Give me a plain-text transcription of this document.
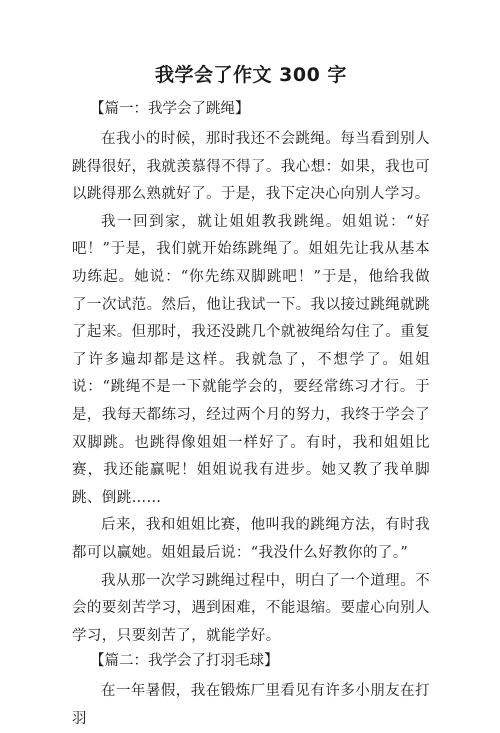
我学会了作文 300 字
【篇一：我学会了跳绳】

在我小的时候，那时我还不会跳绳。每当看到别人跳得很好，我就羡慕得不得了。我心想：如果，我也可以跳得那么熟就好了。于是，我下定决心向别人学习。

我一回到家，就让姐姐教我跳绳。姐姐说：“好吧！”于是，我们就开始练跳绳了。姐姐先让我从基本功练起。她说：“你先练双脚跳吧！”于是，他给我做了一次试范。然后，他让我试一下。我以接过跳绳就跳了起来。但那时，我还没跳几个就被绳给勾住了。重复了许多遍却都是这样。我就急了，不想学了。姐姐说：“跳绳不是一下就能学会的，要经常练习才行。于是，我每天都练习，经过两个月的努力，我终于学会了双脚跳。也跳得像姐姐一样好了。有时，我和姐姐比赛，我还能赢呢！姐姐说我有进步。她又教了我单脚跳、倒跳……

后来，我和姐姐比赛，他叫我的跳绳方法，有时我都可以赢她。姐姐最后说：“我没什么好教你的了。”

我从那一次学习跳绳过程中，明白了一个道理。不会的要刻苦学习，遇到困难，不能退缩。要虚心向别人学习，只要刻苦了，就能学好。

【篇二：我学会了打羽毛球】

在一年暑假，我在锻炼厂里看见有许多小朋友在打羽
